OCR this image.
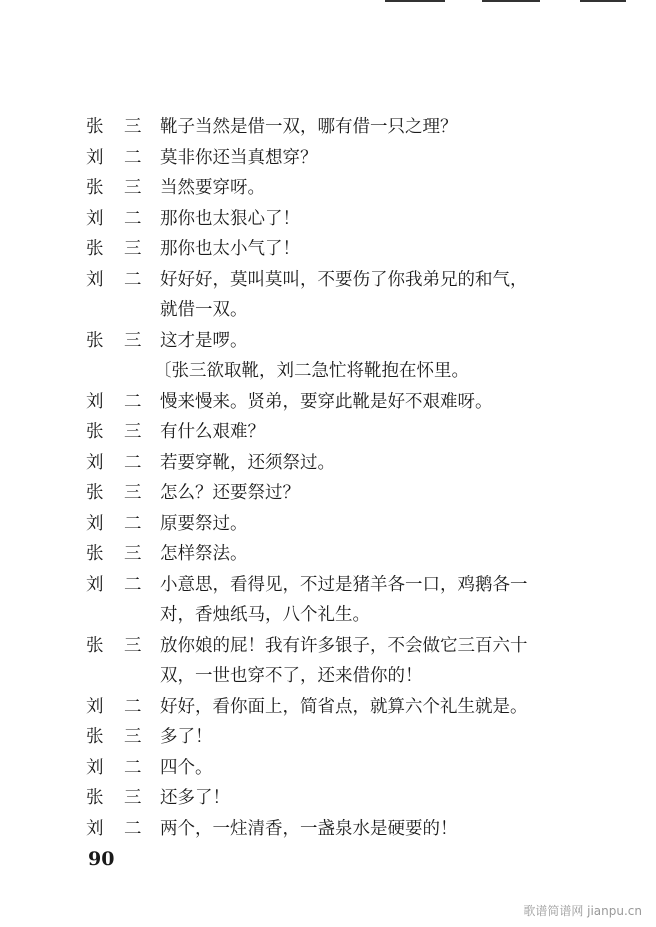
张	三	靴子当然是借一双，哪有借一只之理？
刘	二	莫非你还当真想穿？
张	三	当然要穿呀。
刘	二	那你也太狠心了！
张	三	那你也太小气了！
刘	二	好好好，莫叫莫叫，不要伤了你我弟兄的和气，
就借一双。
张	三	这才是啰。
〔张三欲取靴，刘二急忙将靴抱在怀里。
刘	二	慢来慢来。贤弟，要穿此靴是好不艰难呀。
张	三	有什么艰难？
刘	二	若要穿靴，还须祭过。
张	三	怎么？还要祭过？
刘	二	原要祭过。
张	三	怎样祭法。
刘	二	小意思，看得见，不过是猪羊各一口，鸡鹅各一
对，香烛纸马，八个礼生。
张	三	放你娘的屁！我有许多银子，不会做它三百六十
双，一世也穿不了，还来借你的！
刘	二	好好，看你面上，简省点，就算六个礼生就是。
张	三	多了！
刘	二	四个。
张	三	还多了！
刘	二	两个，一炷清香，一盏泉水是硬要的！
90
歌谱简谱网 jianpu.cn
